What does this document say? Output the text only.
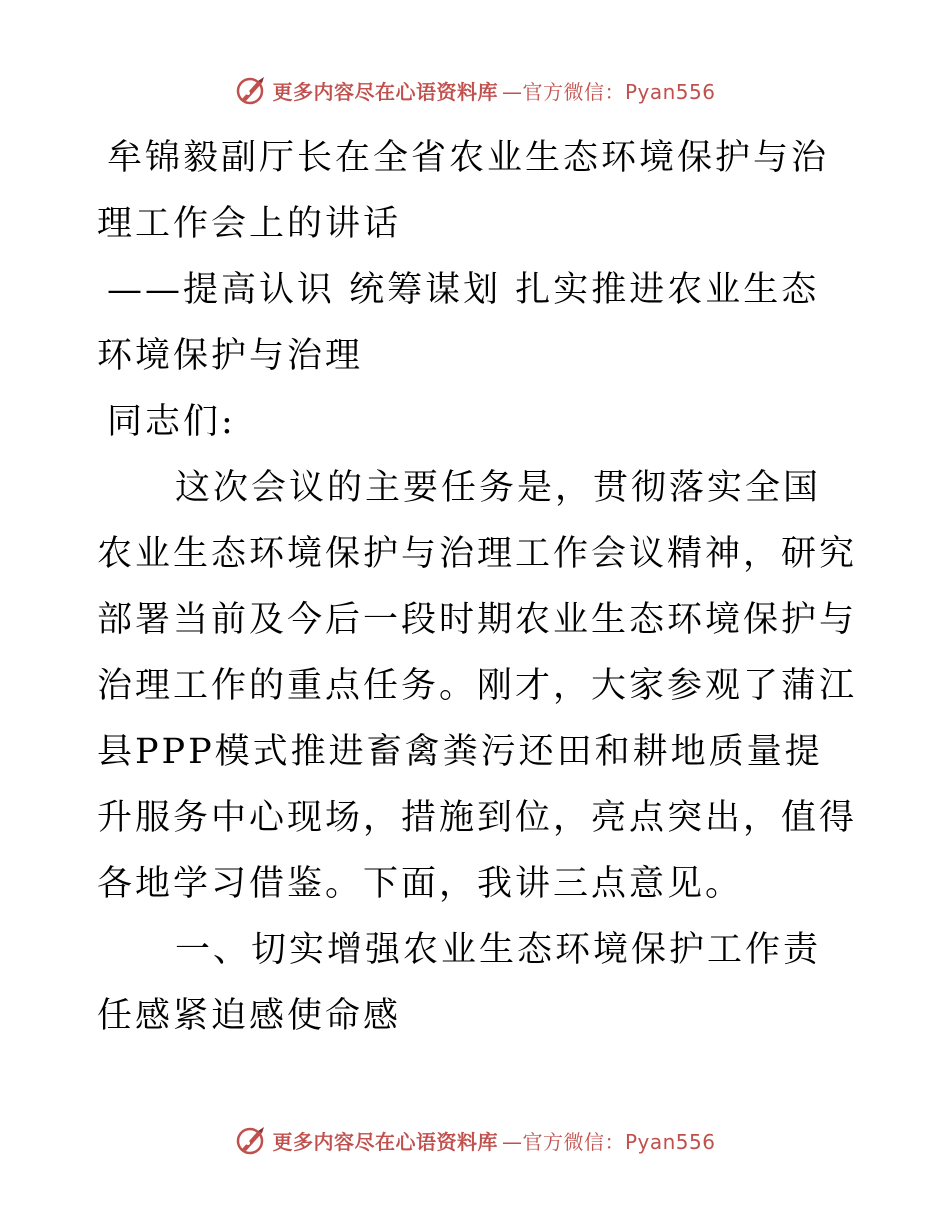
更多内容尽在心语资料库 —官方微信：Pyan556

牟锦毅副厅长在全省农业生态环境保护与治理工作会上的讲话

——提高认识 统筹谋划 扎实推进农业生态环境保护与治理

同志们:

这次会议的主要任务是，贯彻落实全国农业生态环境保护与治理工作会议精神，研究部署当前及今后一段时期农业生态环境保护与治理工作的重点任务。刚才，大家参观了蒲江县PPP模式推进畜禽粪污还田和耕地质量提升服务中心现场，措施到位，亮点突出，值得各地学习借鉴。下面，我讲三点意见。

一、切实增强农业生态环境保护工作责任感紧迫感使命感

更多内容尽在心语资料库 —官方微信：Pyan556
